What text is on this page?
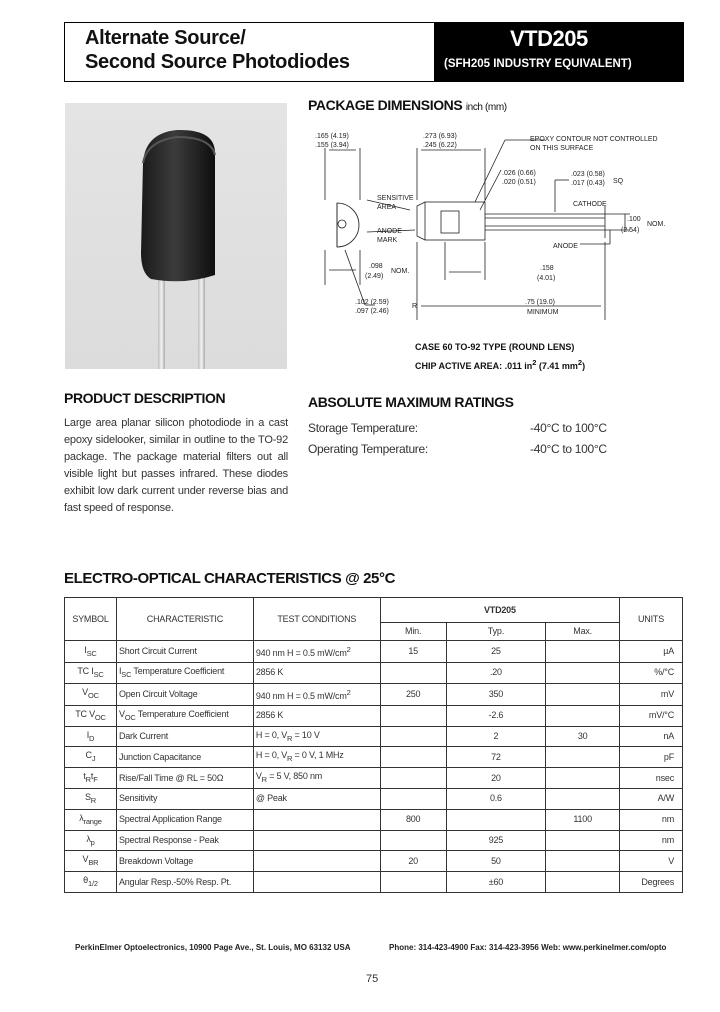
Alternate Source/
Second Source Photodiodes
VTD205
(SFH205 INDUSTRY EQUIVALENT)
PACKAGE DIMENSIONS inch (mm)
.165 (4.19)
.155 (3.94)
.273 (6.93)
.245 (6.22)
EPOXY CONTOUR NOT CONTROLLED
ON THIS SURFACE
.026 (0.66)
.020 (0.51)
.023 (0.58)
.017 (0.43) SQ
SENSITIVE
AREA	CATHODE
.100
(2.54)
NOM.
ANODE
MARK
ANODE
.098
(2.49)
NOM.	.158
(4.01)
.102 (2.59)
.097 (2.46)
R
.75 (19.0)
MINIMUM
CASE 60 TO-92 TYPE (ROUND LENS)
CHIP ACTIVE AREA: .011 $in^2$ (7.41 $mm^2$)
PRODUCT DESCRIPTION
Large area planar silicon photodiode in a cast epoxy sidelooker, similar in outline to the TO-92 package. The package material filters out all visible light but passes infrared. These diodes exhibit low dark current under reverse bias and fast speed of response.
ABSOLUTE MAXIMUM RATINGS
Storage Temperature:	-40°C to 100°C
Operating Temperature:	-40°C to 100°C
ELECTRO-OPTICAL CHARACTERISTICS @ 25°C
SYMBOL	CHARACTERISTIC	TEST CONDITIONS	VTD205			UNITS
			Min.	Typ.	Max.	
$I_{SC}$	Short Circuit Current	940 nm H = 0.5 $mW/cm^2$	15	25		µA
TC $I_{SC}$	$I_{SC}$ Temperature Coefficient	2856 K		.20		%/°C
$V_{OC}$	Open Circuit Voltage	940 nm H = 0.5 $mW/cm^2$	250	350		mV
TC $V_{OC}$	$V_{OC}$ Temperature Coefficient	2856 K		-2.6		mV/°C
$I_D$	Dark Current	H = 0, $V_R = 10$ V		2	30	nA
$C_J$	Junction Capacitance	H = 0, $V_R = 0$ V, 1 MHz		72		pF
$t_Rt_F$	Rise/Fall Time @ RL = 50Ω	$V_R = 5$ V, 850 nm		20		nsec
$S_R$	Sensitivity	@ Peak		0.6		A/W
$\lambda_{range}$	Spectral Application Range		800		1100	nm
$\lambda_p$	Spectral Response - Peak			925		nm
$V_{BR}$	Breakdown Voltage		20	50		V
$\theta_{1/2}$	Angular Resp.-50% Resp. Pt.			±60		Degrees
PerkinElmer Optoelectronics, 10900 Page Ave., St. Louis, MO 63132 USA	Phone: 314-423-4900 Fax: 314-423-3956 Web: www.perkinelmer.com/opto
75
